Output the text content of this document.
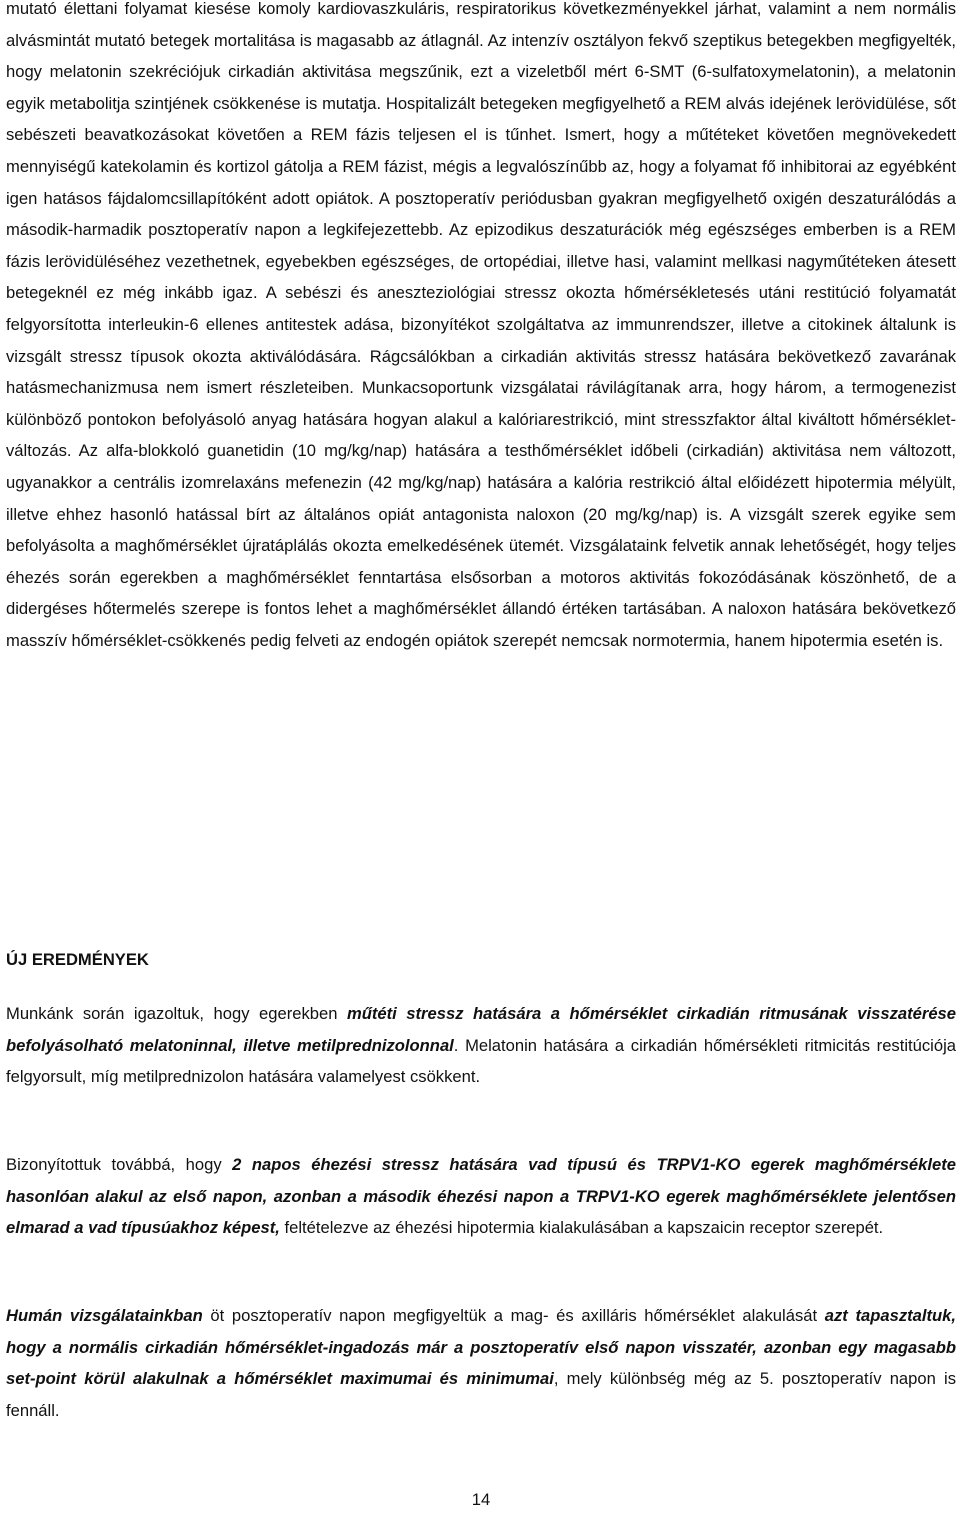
mutató élettani folyamat kiesése komoly kardiovaszkuláris, respiratorikus következményekkel járhat, valamint a nem normális alvásmintát mutató betegek mortalitása is magasabb az átlagnál. Az intenzív osztályon fekvő szeptikus betegekben megfigyelték, hogy melatonin szekréciójuk cirkadián aktivitása megszűnik, ezt a vizeletből mért 6-SMT (6-sulfatoxymelatonin), a melatonin egyik metabolitja szintjének csökkenése is mutatja. Hospitalizált betegeken megfigyelhető a REM alvás idejének lerövidülése, sőt sebészeti beavatkozásokat követően a REM fázis teljesen el is tűnhet. Ismert, hogy a műtéteket követően megnövekedett mennyiségű katekolamin és kortizol gátolja a REM fázist, mégis a legvalószínűbb az, hogy a folyamat fő inhibitorai az egyébként igen hatásos fájdalomcsillapítóként adott opiátok. A posztoperatív periódusban gyakran megfigyelhető oxigén deszaturálódás a második-harmadik posztoperatív napon a legkifejezettebb. Az epizodikus deszaturációk még egészséges emberben is a REM fázis lerövidüléséhez vezethetnek, egyebekben egészséges, de ortopédiai, illetve hasi, valamint mellkasi nagyműtéteken átesett betegeknél ez még inkább igaz. A sebészi és aneszteziológiai stressz okozta hőmérsékletesés utáni restitúció folyamatát felgyorsította interleukin-6 ellenes antitestek adása, bizonyítékot szolgáltatva az immunrendszer, illetve a citokinek általunk is vizsgált stressz típusok okozta aktiválódására. Rágcsálókban a cirkadián aktivitás stressz hatására bekövetkező zavarának hatásmechanizmusa nem ismert részleteiben. Munkacsoportunk vizsgálatai rávilágítanak arra, hogy három, a termogenezist különböző pontokon befolyásoló anyag hatására hogyan alakul a kalóriarestrikció, mint stresszfaktor által kiváltott hőmérséklet-változás. Az alfa-blokkoló guanetidin (10 mg/kg/nap) hatására a testhőmérséklet időbeli (cirkadián) aktivitása nem változott, ugyanakkor a centrális izomrelaxáns mefenezin (42 mg/kg/nap) hatására a kalória restrikció által előidézett hipotermia mélyült, illetve ehhez hasonló hatással bírt az általános opiát antagonista naloxon (20 mg/kg/nap) is. A vizsgált szerek egyike sem befolyásolta a maghőmérséklet újratáplálás okozta emelkedésének ütemét. Vizsgálataink felvetik annak lehetőségét, hogy teljes éhezés során egerekben a maghőmérséklet fenntartása elsősorban a motoros aktivitás fokozódásának köszönhető, de a didergéses hőtermelés szerepe is fontos lehet a maghőmérséklet állandó értéken tartásában. A naloxon hatására bekövetkező masszív hőmérséklet-csökkenés pedig felveti az endogén opiátok szerepét nemcsak normotermia, hanem hipotermia esetén is.

ÚJ EREDMÉNYEK

Munkánk során igazoltuk, hogy egerekben műtéti stressz hatására a hőmérséklet cirkadián ritmusának visszatérése befolyásolható melatoninnal, illetve metilprednizolonnal. Melatonin hatására a cirkadián hőmérsékleti ritmicitás restitúciója felgyorsult, míg metilprednizolon hatására valamelyest csökkent.

Bizonyítottuk továbbá, hogy 2 napos éhezési stressz hatására vad típusú és TRPV1-KO egerek maghőmérséklete hasonlóan alakul az első napon, azonban a második éhezési napon a TRPV1-KO egerek maghőmérséklete jelentősen elmarad a vad típusúakhoz képest, feltételezve az éhezési hipotermia kialakulásában a kapszaicin receptor szerepét.

Humán vizsgálatainkban öt posztoperatív napon megfigyeltük a mag- és axilláris hőmérséklet alakulását azt tapasztaltuk, hogy a normális cirkadián hőmérséklet-ingadozás már a posztoperatív első napon visszatér, azonban egy magasabb set-point körül alakulnak a hőmérséklet maximumai és minimumai, mely különbség még az 5. posztoperatív napon is fennáll.

14
